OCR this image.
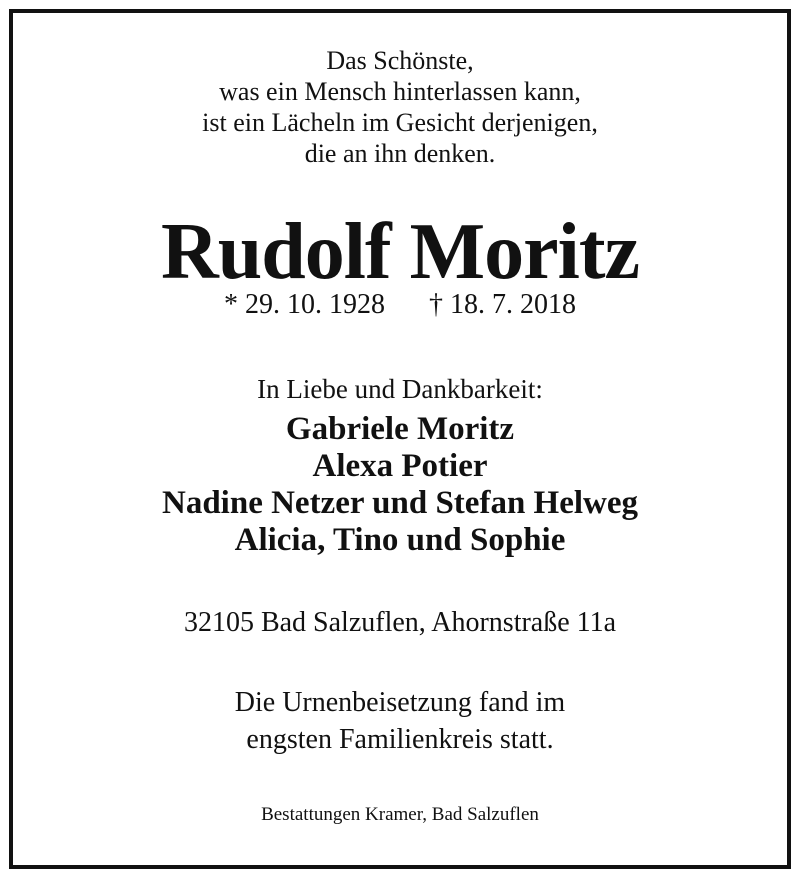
Das Schönste,
was ein Mensch hinterlassen kann,
ist ein Lächeln im Gesicht derjenigen,
die an ihn denken.
Rudolf Moritz
* 29. 10. 1928 † 18. 7. 2018
In Liebe und Dankbarkeit:
Gabriele Moritz
Alexa Potier
Nadine Netzer und Stefan Helweg
Alicia, Tino und Sophie
32105 Bad Salzuflen, Ahornstraße 11a
Die Urnenbeisetzung fand im
engsten Familienkreis statt.
Bestattungen Kramer, Bad Salzuflen
